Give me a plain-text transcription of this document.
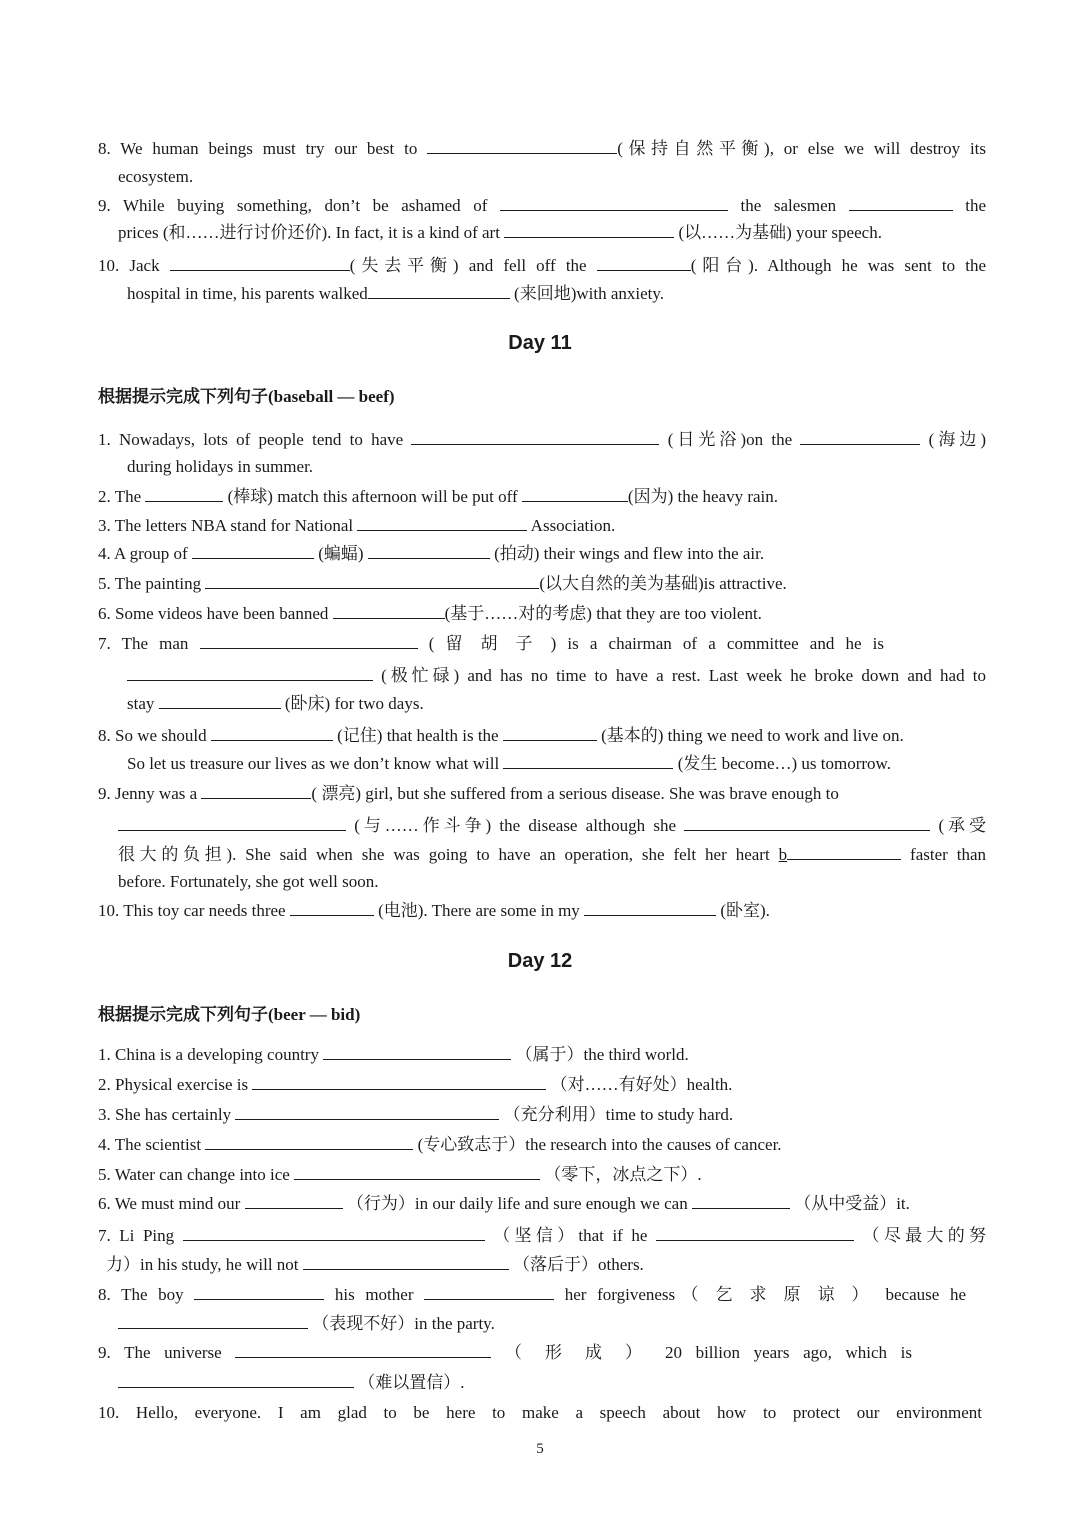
8. We human beings must try our best to	(保持自然平衡), or else we will destroy its
ecosystem.
9. While buying something, don’t be ashamed of	the salesmen	the
prices (和……进行讨价还价). In fact, it is a kind of art	(以……为基础) your speech.
10. Jack	(失去平衡) and fell off the	(阳台). Although he was sent to the
hospital in time, his parents walked	(来回地)with anxiety.
Day 11
根据提示完成下列句子(baseball — beef)
1. Nowadays, lots of people tend to have	(日光浴)on the	(海边)
during holidays in summer.
2. The	(棒球) match this afternoon will be put off	(因为) the heavy rain.
3. The letters NBA stand for National	Association.
4. A group of	(蝙蝠)	(拍动) their wings and flew into the air.
5. The painting	(以大自然的美为基础)is attractive.
6. Some videos have been banned	(基于……对的考虑) that they are too violent.
7. The man	( 留 胡 子 ) is a chairman of a committee and he is
(极忙碌) and has no time to have a rest. Last week he broke down and had to
stay	(卧床) for two days.
8. So we should	(记住) that health is the	(基本的) thing we need to work and live on.
So let us treasure our lives as we don’t know what will	(发生 become…) us tomorrow.
9. Jenny was a	( 漂亮) girl, but she suffered from a serious disease. She was brave enough to
(与……作斗争) the disease although she	(承受
很大的负担). She said when she was going to have an operation, she felt her heart b	faster than
before. Fortunately, she got well soon.
10. This toy car needs three	(电池). There are some in my	(卧室).
Day 12
根据提示完成下列句子(beer — bid)
1. China is a developing country	（属于）the third world.
2. Physical exercise is	（对……有好处）health.
3. She has certainly	（充分利用）time to study hard.
4. The scientist	(专心致志于）the research into the causes of cancer.
5. Water can change into ice	（零下，冰点之下）.
6. We must mind our	（行为）in our daily life and sure enough we can	（从中受益）it.
7. Li Ping	（坚信）that if he	（尽最大的努
力）in his study, he will not	（落后于）others.
8. The boy	his mother	her forgiveness（ 乞 求 原 谅 ） because he
（表现不好）in the party.
9. The universe	（ 形 成 ） 20 billion years ago, which is
（难以置信）.
10. Hello, everyone. I am glad to be here to make a speech about how to protect our environment
5
